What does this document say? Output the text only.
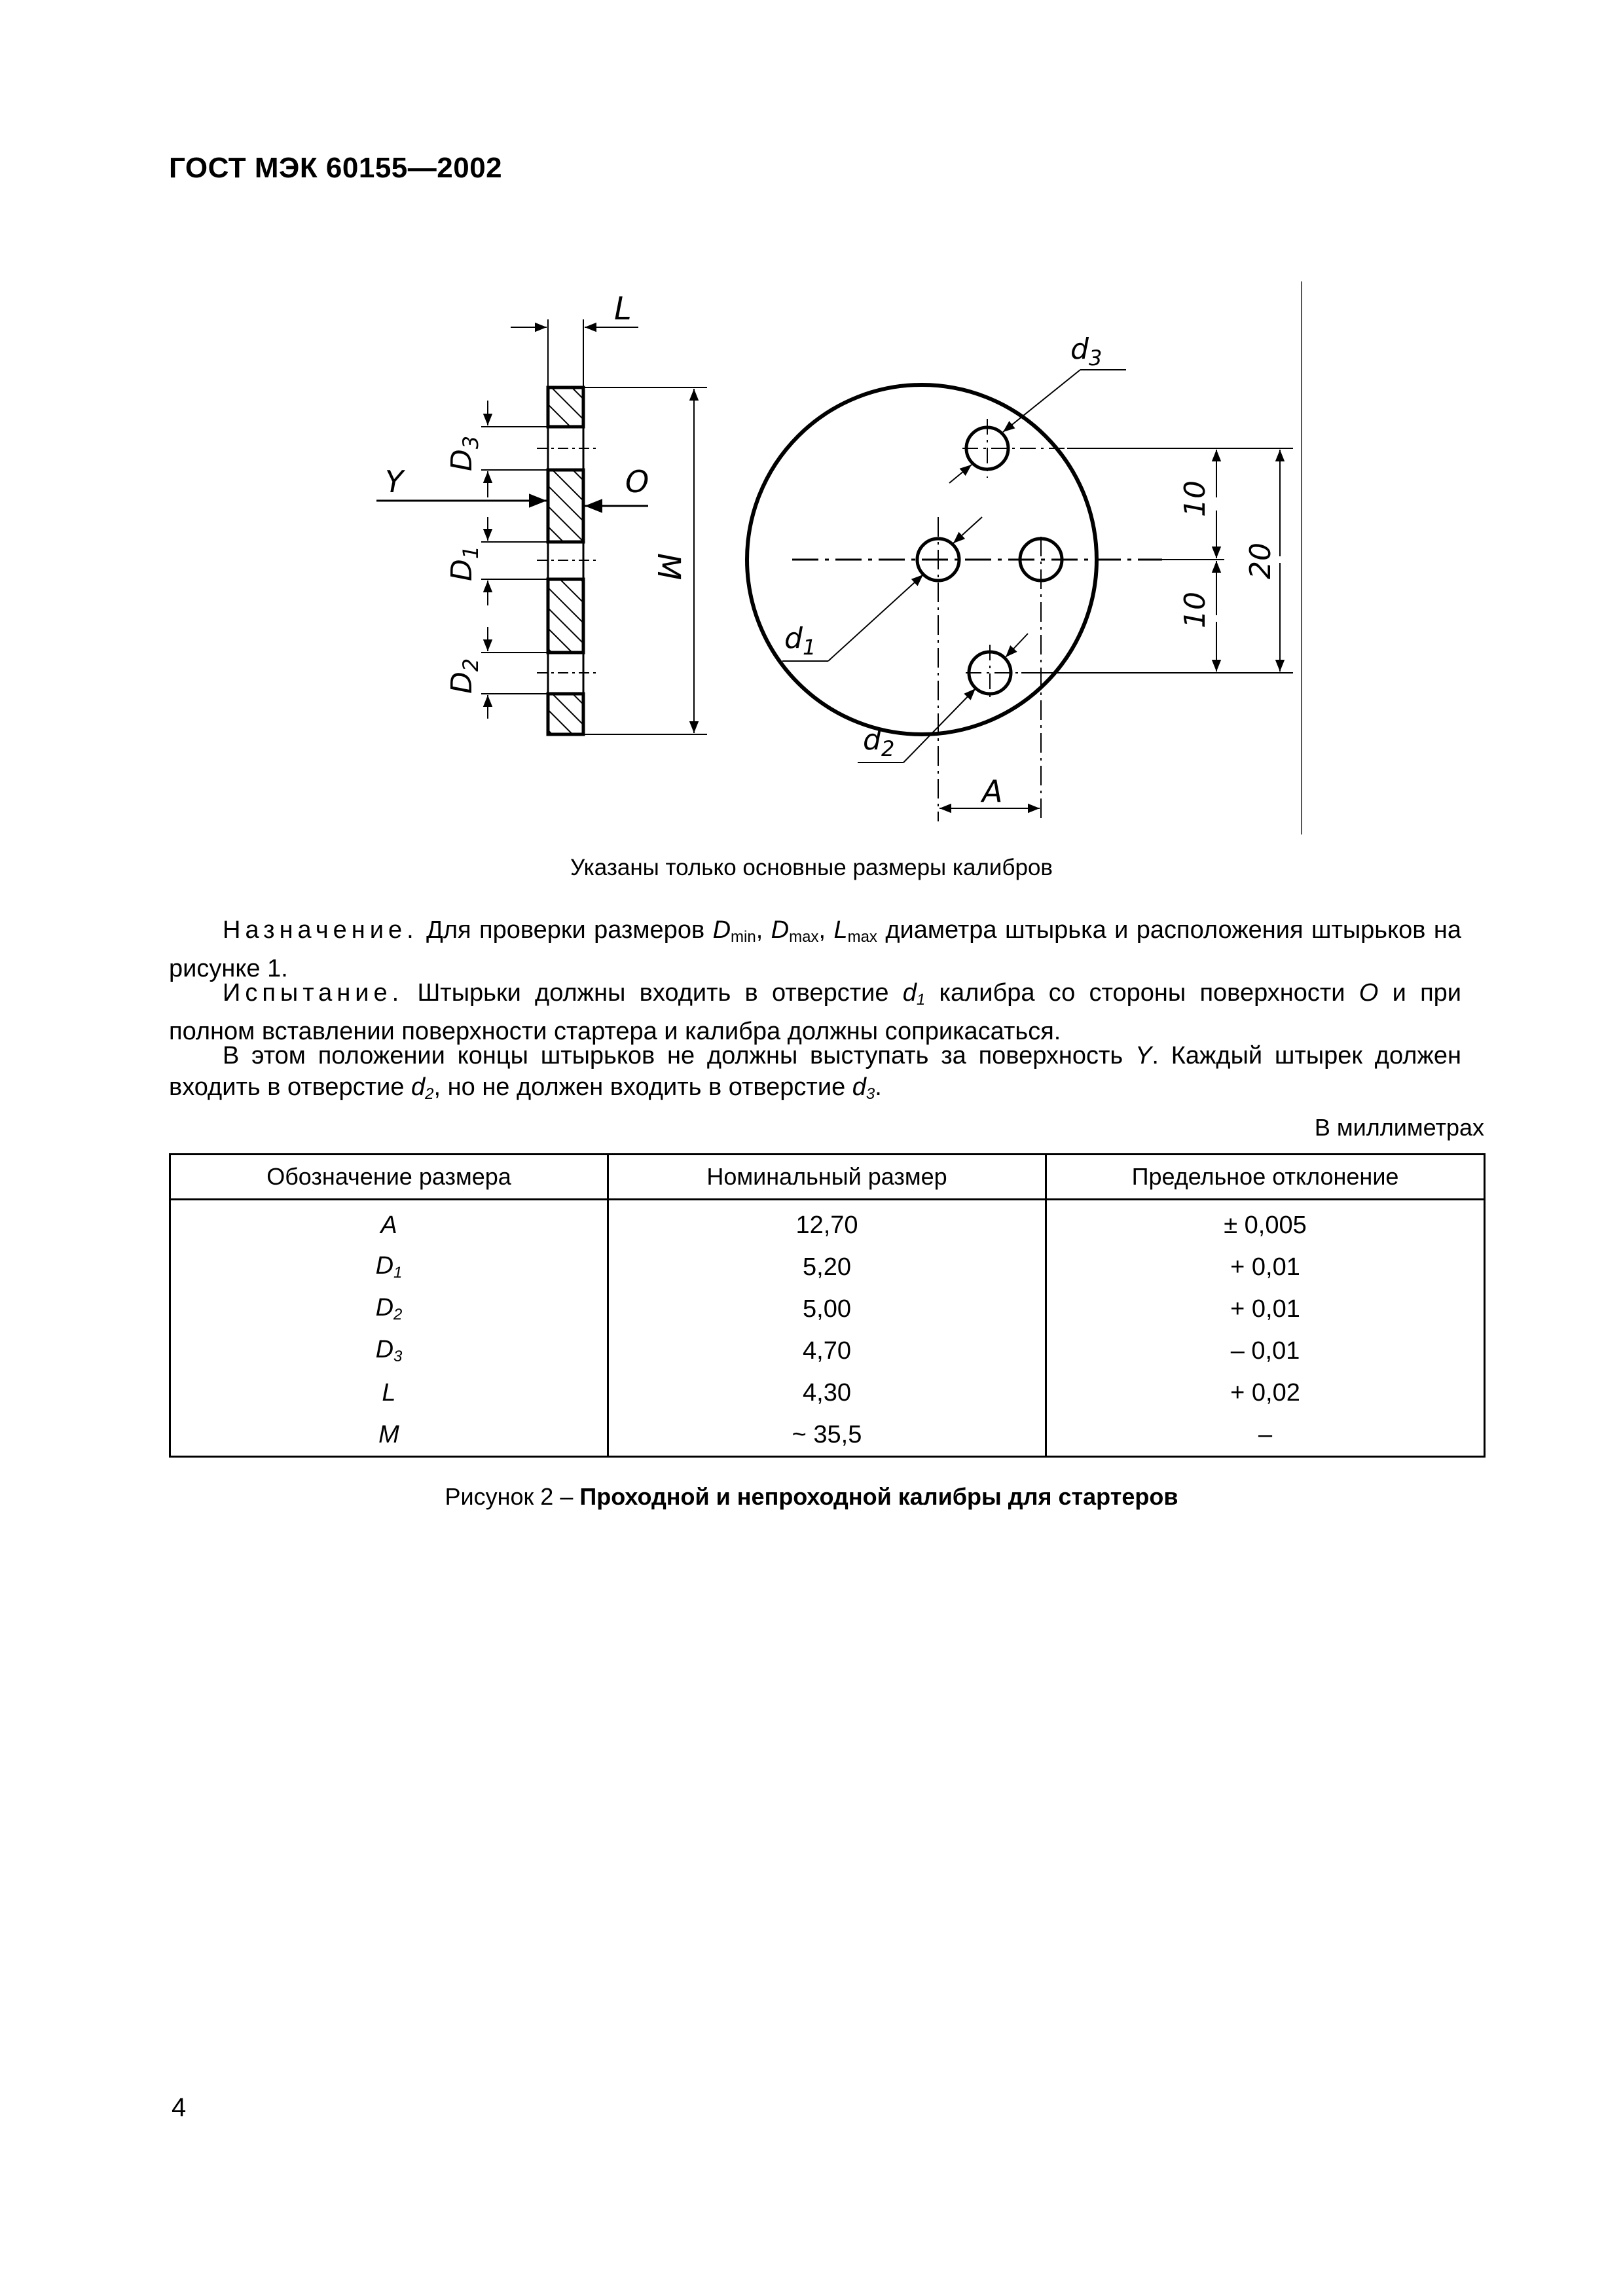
ГОСТ МЭК 60155—2002
L
M
$D_3$
Y	O
$D_1$
$D_2$
10
10
20
A
$d_3$
$d_1$
$d_2$
Указаны только основные размеры калибров

Назначение. Для проверки размеров $D_{min}$, $D_{max}$, $L_{max}$ диаметра штырька и расположения штырьков на рисунке 1.

Испытание. Штырьки должны входить в отверстие d1 калибра со стороны поверхности O и при полном вставлении поверхности стартера и калибра должны соприкасаться.

В этом положении концы штырьков не должны выступать за поверхность Y. Каждый штырек должен входить в отверстие d2, но не должен входить в отверстие d3.

В миллиметрах
Обозначение размера	Номинальный размер	Предельное отклонение
A	12,70	± 0,005
D1	5,20	+ 0,01
D2	5,00	+ 0,01
D3	4,70	– 0,01
L	4,30	+ 0,02
M	~ 35,5	–
Рисунок 2 – Проходной и непроходной калибры для стартеров
4
